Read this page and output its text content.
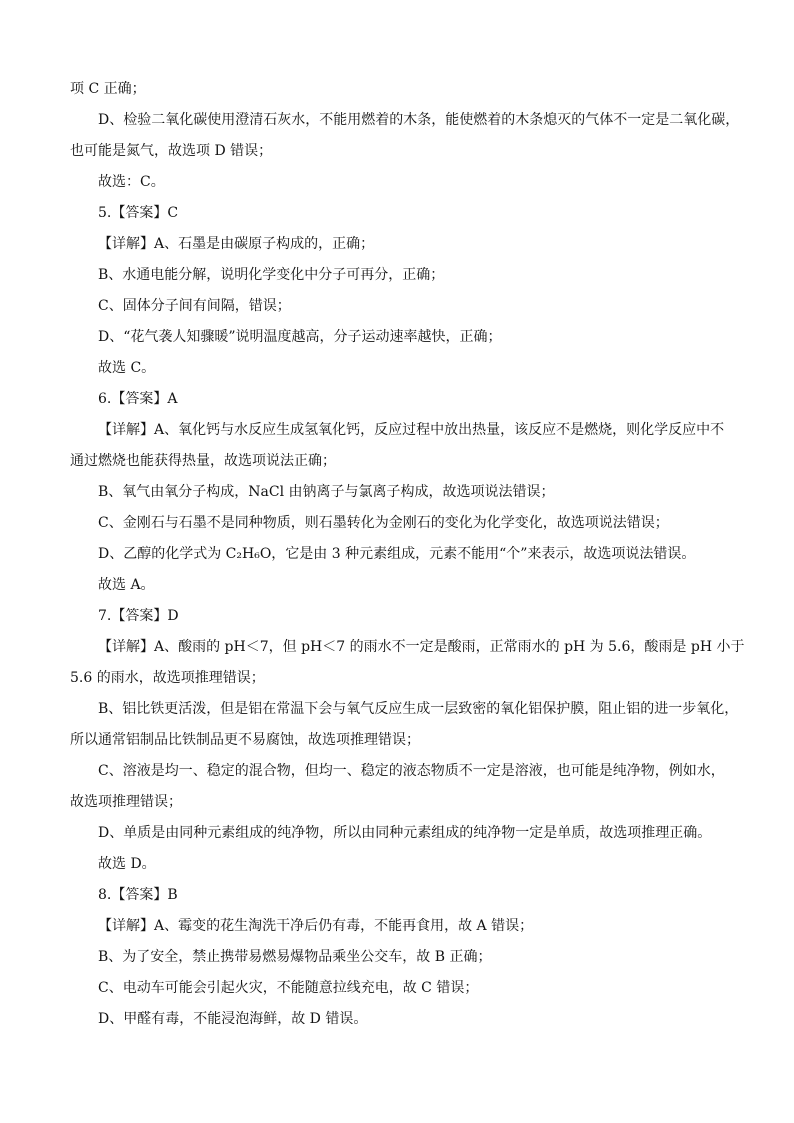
项 C 正确；

D、检验二氧化碳使用澄清石灰水，不能用燃着的木条，能使燃着的木条熄灭的气体不一定是二氧化碳，

也可能是氮气，故选项 D 错误；

故选：C。

5.【答案】C

【详解】A、石墨是由碳原子构成的，正确；

B、水通电能分解，说明化学变化中分子可再分，正确；

C、固体分子间有间隔，错误；

D、“花气袭人知骤暖”说明温度越高，分子运动速率越快，正确；

故选 C。

6.【答案】A

【详解】A、氧化钙与水反应生成氢氧化钙，反应过程中放出热量，该反应不是燃烧，则化学反应中不

通过燃烧也能获得热量，故选项说法正确；

B、氧气由氧分子构成，NaCl 由钠离子与氯离子构成，故选项说法错误；

C、金刚石与石墨不是同种物质，则石墨转化为金刚石的变化为化学变化，故选项说法错误；

D、乙醇的化学式为 C₂H₆O，它是由 3 种元素组成，元素不能用“个”来表示，故选项说法错误。

故选 A。

7.【答案】D

【详解】A、酸雨的 pH＜7，但 pH＜7 的雨水不一定是酸雨，正常雨水的 pH 为 5.6，酸雨是 pH 小于

5.6 的雨水，故选项推理错误；

B、铝比铁更活泼，但是铝在常温下会与氧气反应生成一层致密的氧化铝保护膜，阻止铝的进一步氧化，

所以通常铝制品比铁制品更不易腐蚀，故选项推理错误；

C、溶液是均一、稳定的混合物，但均一、稳定的液态物质不一定是溶液，也可能是纯净物，例如水，

故选项推理错误；

D、单质是由同种元素组成的纯净物，所以由同种元素组成的纯净物一定是单质，故选项推理正确。

故选 D。

8.【答案】B

【详解】A、霉变的花生淘洗干净后仍有毒，不能再食用，故 A 错误；

B、为了安全，禁止携带易燃易爆物品乘坐公交车，故 B 正确；

C、电动车可能会引起火灾，不能随意拉线充电，故 C 错误；

D、甲醛有毒，不能浸泡海鲜，故 D 错误。
